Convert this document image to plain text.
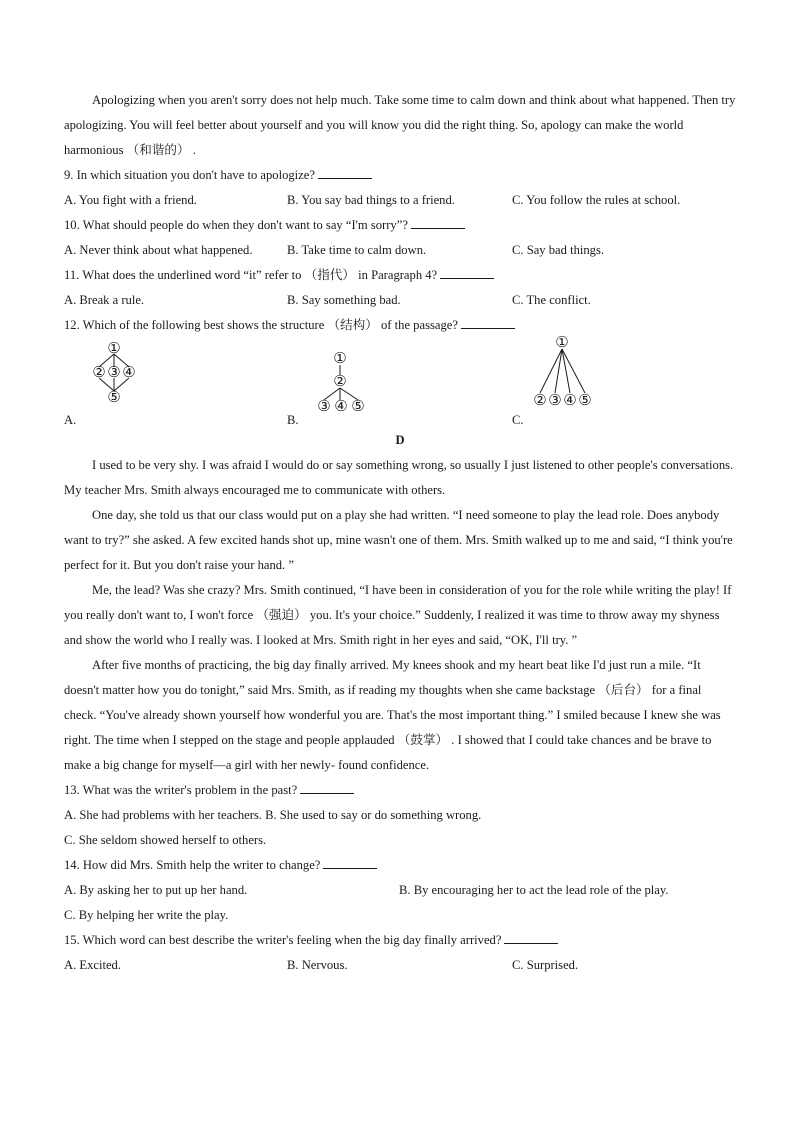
Apologizing when you aren't sorry does not help much. Take some time to calm down and think about what happened. Then try apologizing. You will feel better about yourself and you will know you did the right thing. So, apology can make the world harmonious （和谐的） .
9. In which situation you don't have to apologize?
A. You fight with a friend.	B. You say bad things to a friend.	C. You follow the rules at school.
10. What should people do when they don't want to say “I'm sorry”?
A. Never think about what happened.	B. Take time to calm down.	C. Say bad things.
11. What does the underlined word “it” refer to （指代） in Paragraph 4?
A. Break a rule.	B. Say something bad.	C. The conflict.
12. Which of the following best shows the structure （结构） of the passage?
A.
①
② ③ ④
⑤
B.
①
②
③ ④ ⑤
C.
①
② ③ ④ ⑤
D
I used to be very shy. I was afraid I would do or say something wrong, so usually I just listened to other people's conversations. My teacher Mrs. Smith always encouraged me to communicate with others.
One day, she told us that our class would put on a play she had written. “I need someone to play the lead role. Does anybody want to try?” she asked. A few excited hands shot up, mine wasn't one of them. Mrs. Smith walked up to me and said, “I think you're perfect for it. But you don't raise your hand. ”
Me, the lead? Was she crazy? Mrs. Smith continued, “I have been in consideration of you for the role while writing the play! If you really don't want to, I won't force （强迫） you. It's your choice.” Suddenly, I realized it was time to throw away my shyness and show the world who I really was. I looked at Mrs. Smith right in her eyes and said, “OK, I'll try. ”
After five months of practicing, the big day finally arrived. My knees shook and my heart beat like I'd just run a mile. “It doesn't matter how you do tonight,” said Mrs. Smith, as if reading my thoughts when she came backstage （后台） for a final check. “You've already shown yourself how wonderful you are. That's the most important thing.” I smiled because I knew she was right. The time when I stepped on the stage and people applauded （鼓掌） . I showed that I could take chances and be brave to make a big change for myself—a girl with her newly- found confidence.
13. What was the writer's problem in the past?
A. She had problems with her teachers. B. She used to say or do something wrong.
C. She seldom showed herself to others.
14. How did Mrs. Smith help the writer to change?
A. By asking her to put up her hand.	B. By encouraging her to act the lead role of the play.
C. By helping her write the play.
15. Which word can best describe the writer's feeling when the big day finally arrived?
A. Excited.	B. Nervous.	C. Surprised.
